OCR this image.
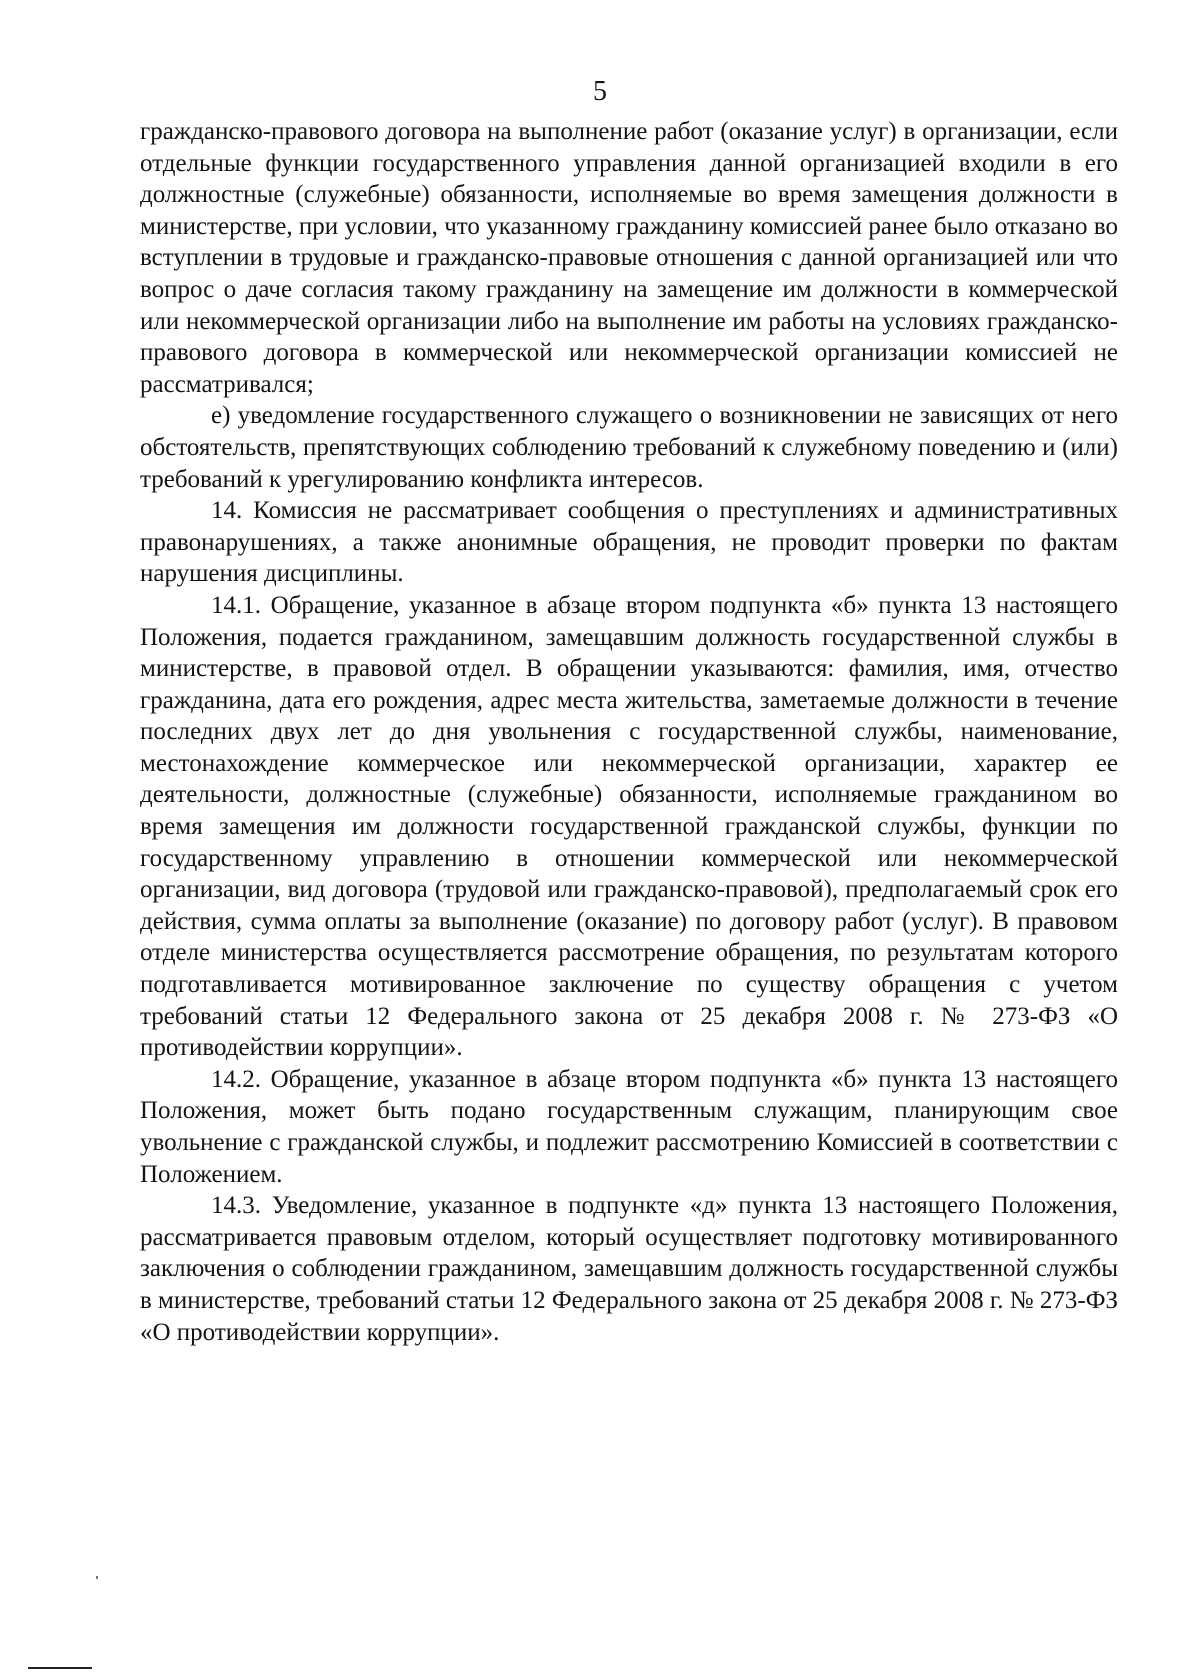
5

гражданско-правового договора на выполнение работ (оказание услуг) в организации, если отдельные функции государственного управления данной организацией входили в его должностные (служебные) обязанности, исполняемые во время замещения должности в министерстве, при условии, что указанному гражданину комиссией ранее было отказано во вступлении в трудовые и гражданско-правовые отношения с данной организацией или что вопрос о даче согласия такому гражданину на замещение им должности в коммерческой или некоммерческой организации либо на выполнение им работы на условиях гражданско-правового договора в коммерческой или некоммерческой организации комиссией не рассматривался;

е) уведомление государственного служащего о возникновении не зависящих от него обстоятельств, препятствующих соблюдению требований к служебному поведению и (или) требований к урегулированию конфликта интересов.

14. Комиссия не рассматривает сообщения о преступлениях и административных правонарушениях, а также анонимные обращения, не проводит проверки по фактам нарушения дисциплины.

14.1. Обращение, указанное в абзаце втором подпункта «б» пункта 13 настоящего Положения, подается гражданином, замещавшим должность государственной службы в министерстве, в правовой отдел. В обращении указываются: фамилия, имя, отчество гражданина, дата его рождения, адрес места жительства, заметаемые должности в течение последних двух лет до дня увольнения с государственной службы, наименование, местонахождение коммерческое или некоммерческой организации, характер ее деятельности, должностные (служебные) обязанности, исполняемые гражданином во время замещения им должности государственной гражданской службы, функции по государственному управлению в отношении коммерческой или некоммерческой организации, вид договора (трудовой или гражданско-правовой), предполагаемый срок его действия, сумма оплаты за выполнение (оказание) по договору работ (услуг). В правовом отделе министерства осуществляется рассмотрение обращения, по результатам которого подготавливается мотивированное заключение по существу обращения с учетом требований статьи 12 Федерального закона от 25 декабря 2008 г. № 273-ФЗ «О противодействии коррупции».

14.2. Обращение, указанное в абзаце втором подпункта «б» пункта 13 настоящего Положения, может быть подано государственным служащим, планирующим свое увольнение с гражданской службы, и подлежит рассмотрению Комиссией в соответствии с Положением.

14.3. Уведомление, указанное в подпункте «д» пункта 13 настоящего Положения, рассматривается правовым отделом, который осуществляет подготовку мотивированного заключения о соблюдении гражданином, замещавшим должность государственной службы в министерстве, требований статьи 12 Федерального закона от 25 декабря 2008 г. № 273-ФЗ «О противодействии коррупции».
